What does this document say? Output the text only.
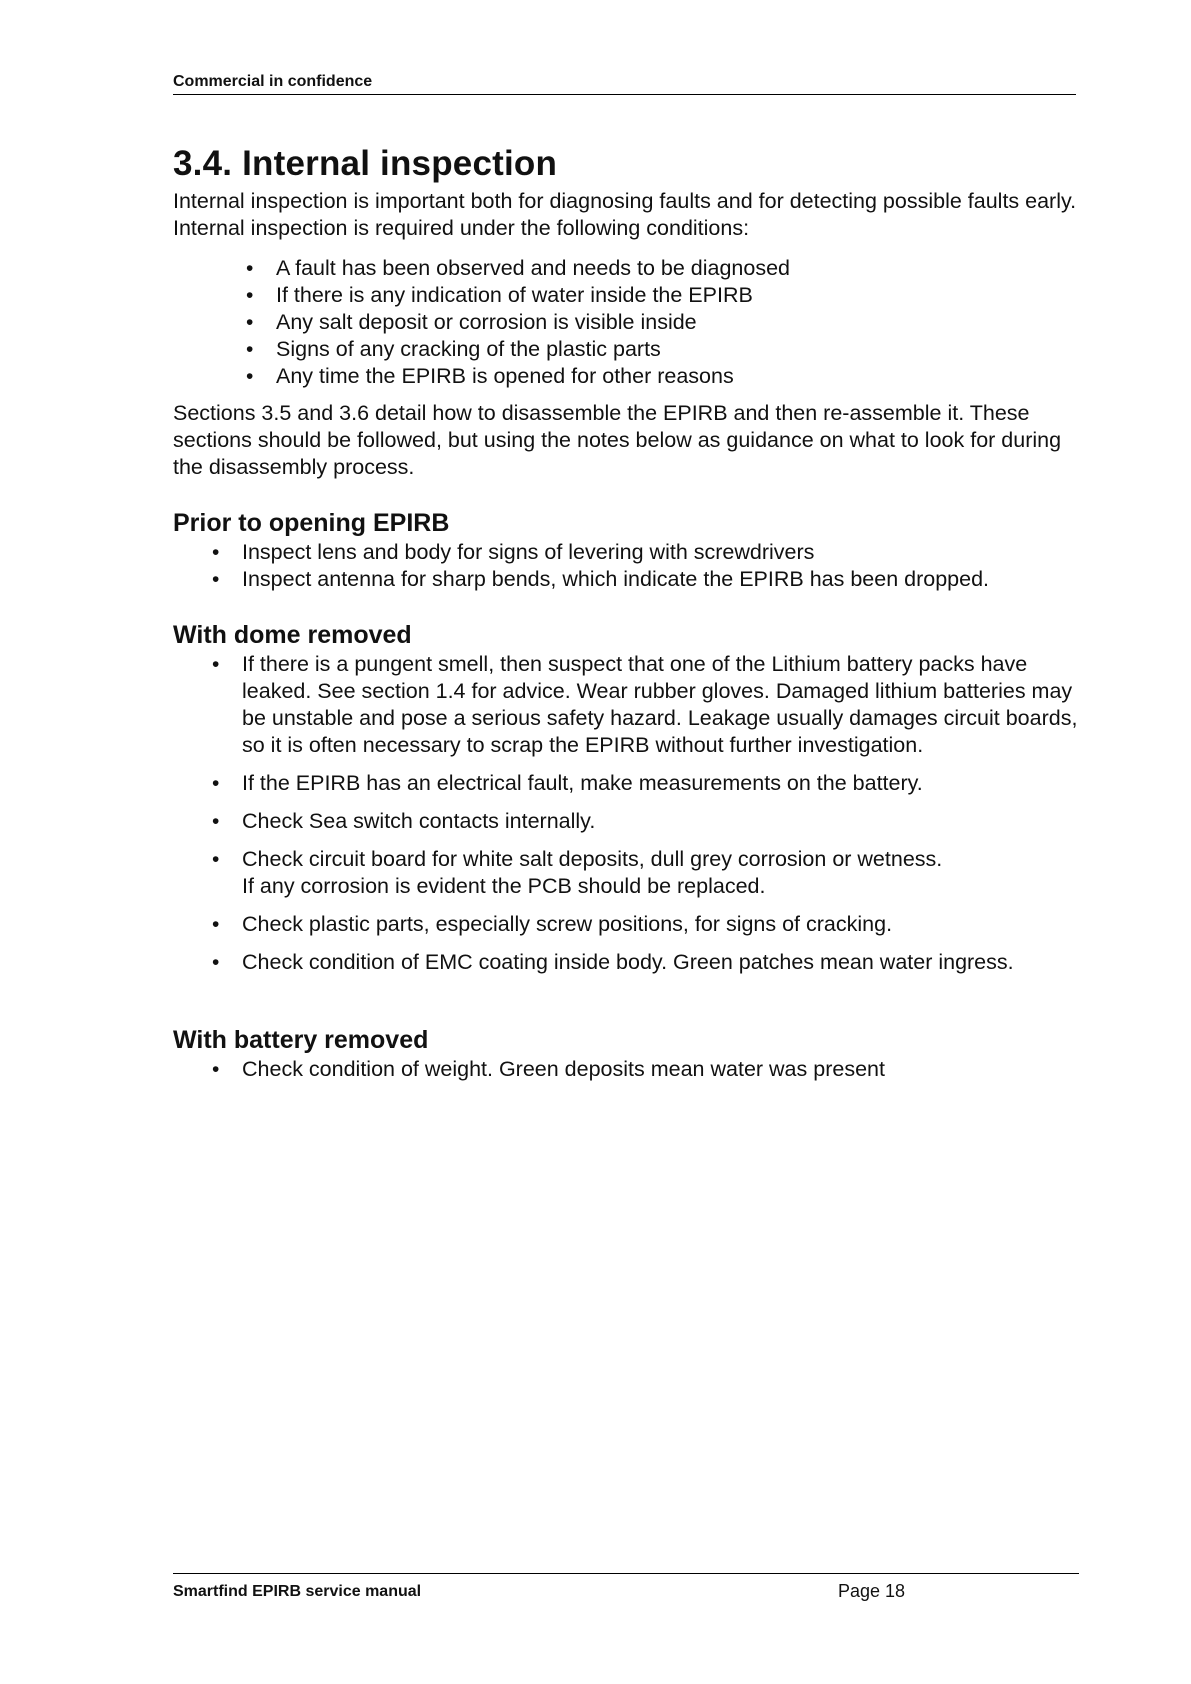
Commercial in confidence
3.4. Internal inspection

Internal inspection is important both for diagnosing faults and for detecting possible faults early. Internal inspection is required under the following conditions:

• A fault has been observed and needs to be diagnosed
• If there is any indication of water inside the EPIRB
• Any salt deposit or corrosion is visible inside
• Signs of any cracking of the plastic parts
• Any time the EPIRB is opened for other reasons

Sections 3.5 and 3.6 detail how to disassemble the EPIRB and then re-assemble it. These sections should be followed, but using the notes below as guidance on what to look for during the disassembly process.

Prior to opening EPIRB
• Inspect lens and body for signs of levering with screwdrivers
• Inspect antenna for sharp bends, which indicate the EPIRB has been dropped.
With dome removed
• If there is a pungent smell, then suspect that one of the Lithium battery packs have leaked. See section 1.4 for advice. Wear rubber gloves. Damaged lithium batteries may be unstable and pose a serious safety hazard. Leakage usually damages circuit boards, so it is often necessary to scrap the EPIRB without further investigation.
• If the EPIRB has an electrical fault, make measurements on the battery.
• Check Sea switch contacts internally.
• Check circuit board for white salt deposits, dull grey corrosion or wetness.
If any corrosion is evident the PCB should be replaced.
• Check plastic parts, especially screw positions, for signs of cracking.
• Check condition of EMC coating inside body. Green patches mean water ingress.
With battery removed
• Check condition of weight. Green deposits mean water was present
Smartfind EPIRB service manual	Page 18
